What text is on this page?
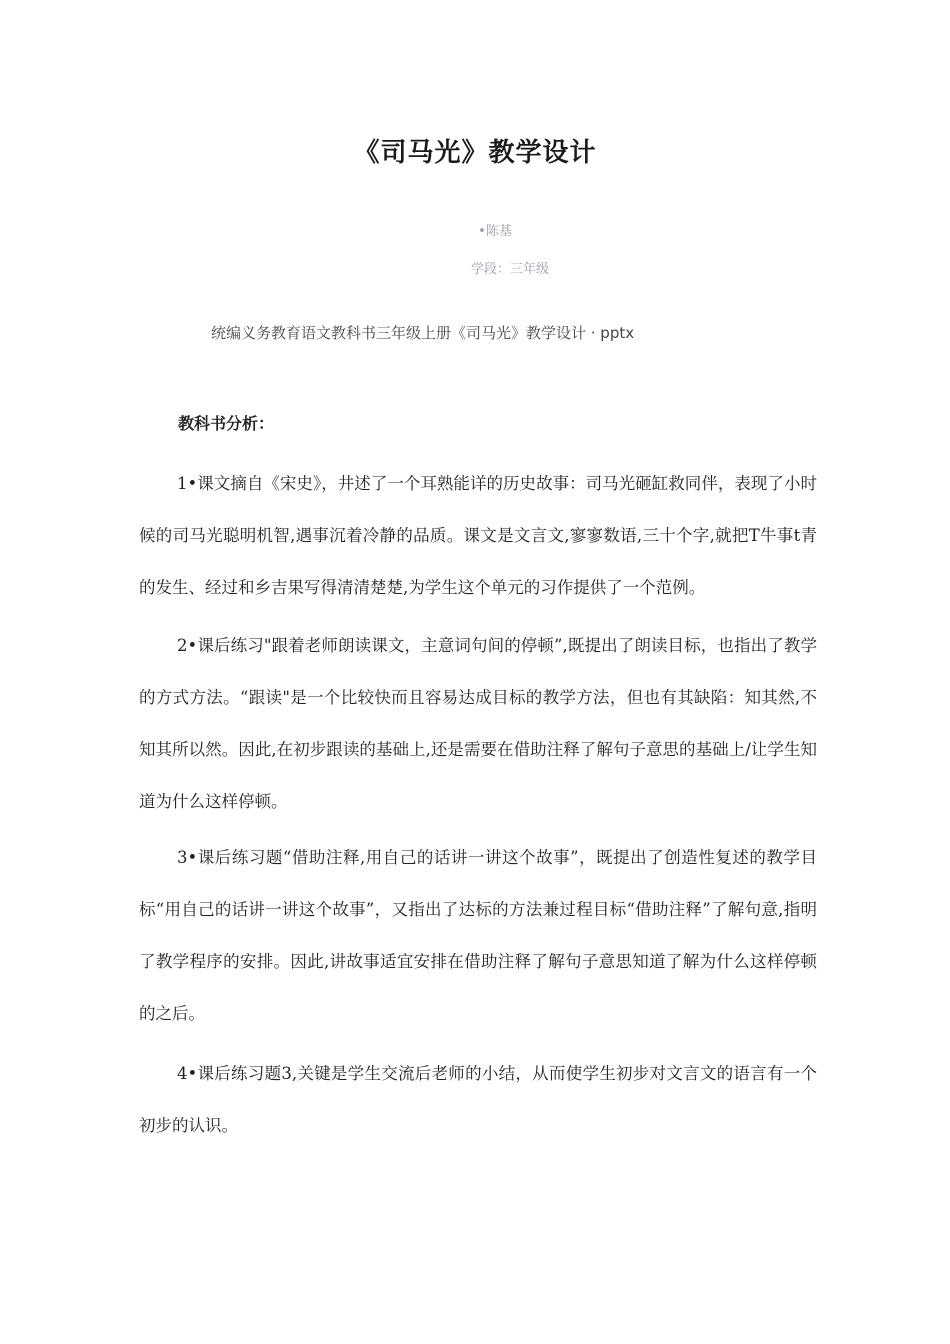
《司马光》教学设计
•陈基
学段：三年级
统编义务教育语文教科书三年级上册《司马光》教学设计 · pptx
教科书分析：

1•课文摘自《宋史》，井述了一个耳熟能详的历史故事：司马光砸缸救同伴，表现了小时候的司马光聪明机智,遇事沉着冷静的品质。课文是文言文,寥寥数语,三十个字,就把T牛事t青的发生、经过和乡吉果写得清清楚楚,为学生这个单元的习作提供了一个范例。

2•课后练习"跟着老师朗读课文，主意词句间的停顿”,既提出了朗读目标，也指出了教学的方式方法。“跟读"是一个比较快而且容易达成目标的教学方法，但也有其缺陷：知其然,不知其所以然。因此,在初步跟读的基础上,还是需要在借助注释了解句子意思的基础上/让学生知道为什么这样停顿。

3•课后练习题“借助注释,用自己的话讲一讲这个故事”，既提出了创造性复述的教学目标“用自己的话讲一讲这个故事”，又指出了达标的方法兼过程目标“借助注释”了解句意,指明了教学程序的安排。因此,讲故事适宜安排在借助注释了解句子意思知道了解为什么这样停顿的之后。

4•课后练习题3,关键是学生交流后老师的小结，从而使学生初步对文言文的语言有一个初步的认识。
